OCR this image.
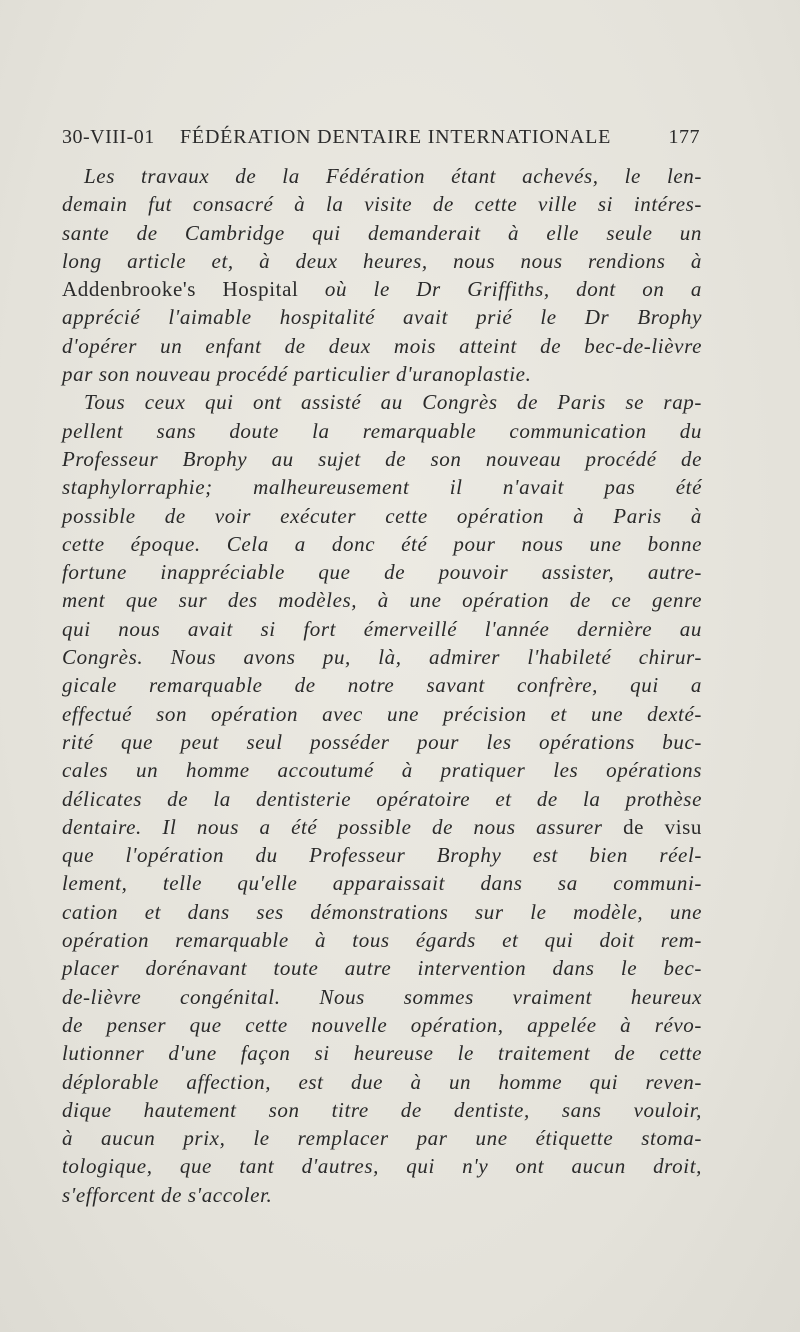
30-VIII-01 FÉDÉRATION DENTAIRE INTERNATIONALE	177
Les travaux de la Fédération étant achevés, le len-
demain fut consacré à la visite de cette ville si intéres-
sante de Cambridge qui demanderait à elle seule un
long article et, à deux heures, nous nous rendions à
Addenbrooke's Hospital où le Dr Griffiths, dont on a
apprécié l'aimable hospitalité avait prié le Dr Brophy
d'opérer un enfant de deux mois atteint de bec-de-lièvre
par son nouveau procédé particulier d'uranoplastie.
Tous ceux qui ont assisté au Congrès de Paris se rap-
pellent sans doute la remarquable communication du
Professeur Brophy au sujet de son nouveau procédé de
staphylorraphie; malheureusement il n'avait pas été
possible de voir exécuter cette opération à Paris à
cette époque. Cela a donc été pour nous une bonne
fortune inappréciable que de pouvoir assister, autre-
ment que sur des modèles, à une opération de ce genre
qui nous avait si fort émerveillé l'année dernière au
Congrès. Nous avons pu, là, admirer l'habileté chirur-
gicale remarquable de notre savant confrère, qui a
effectué son opération avec une précision et une dexté-
rité que peut seul posséder pour les opérations buc-
cales un homme accoutumé à pratiquer les opérations
délicates de la dentisterie opératoire et de la prothèse
dentaire. Il nous a été possible de nous assurer de visu
que l'opération du Professeur Brophy est bien réel-
lement, telle qu'elle apparaissait dans sa communi-
cation et dans ses démonstrations sur le modèle, une
opération remarquable à tous égards et qui doit rem-
placer dorénavant toute autre intervention dans le bec-
de-lièvre congénital. Nous sommes vraiment heureux
de penser que cette nouvelle opération, appelée à révo-
lutionner d'une façon si heureuse le traitement de cette
déplorable affection, est due à un homme qui reven-
dique hautement son titre de dentiste, sans vouloir,
à aucun prix, le remplacer par une étiquette stoma-
tologique, que tant d'autres, qui n'y ont aucun droit,
s'efforcent de s'accoler.
